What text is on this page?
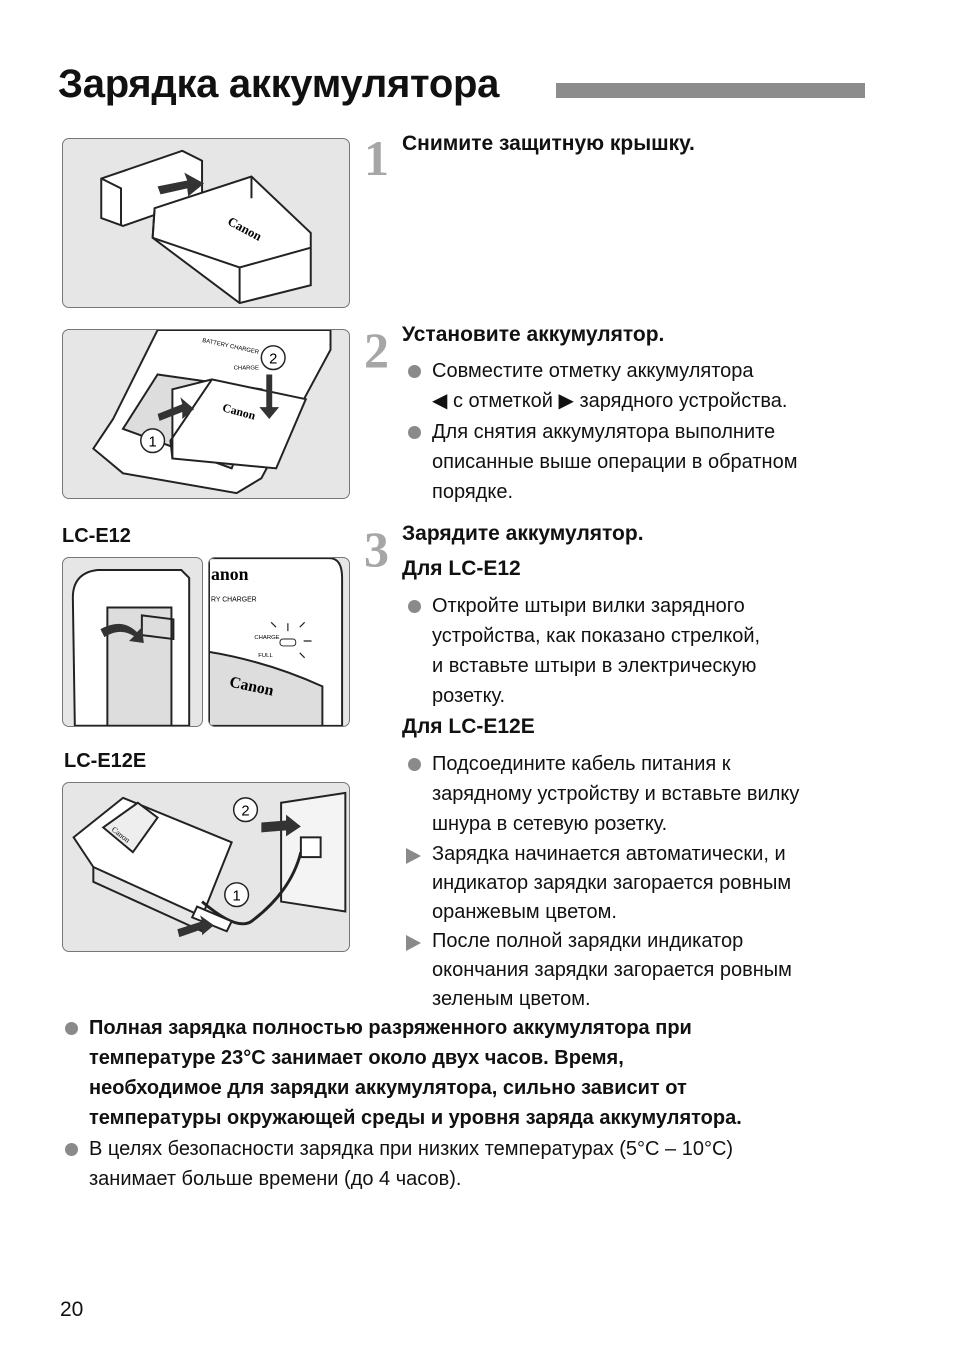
Зарядка аккумулятора
Canon
BATTERY CHARGER
CHARGE
Canon
1
2
LC-E12
anon
RY CHARGER
CHARGE
FULL
Canon
LC-E12E
2
1
Canon
1 Снимите защитную крышку.
2 Установите аккумулятор.
Совместите отметку аккумулятора
◀ с отметкой ▶ зарядного устройства.
Для снятия аккумулятора выполните
описанные выше операции в обратном
порядке.
3 Зарядите аккумулятор.
Для LC-E12
Откройте штыри вилки зарядного
устройства, как показано стрелкой,
и вставьте штыри в электрическую
розетку.
Для LC-E12E
Подсоедините кабель питания к
зарядному устройству и вставьте вилку
шнура в сетевую розетку.
Зарядка начинается автоматически, и
индикатор зарядки загорается ровным
оранжевым цветом.
После полной зарядки индикатор
окончания зарядки загорается ровным
зеленым цветом.
Полная зарядка полностью разряженного аккумулятора при
температуре 23°C занимает около двух часов. Время,
необходимое для зарядки аккумулятора, сильно зависит от
температуры окружающей среды и уровня заряда аккумулятора.
В целях безопасности зарядка при низких температурах (5°C – 10°C)
занимает больше времени (до 4 часов).
20
